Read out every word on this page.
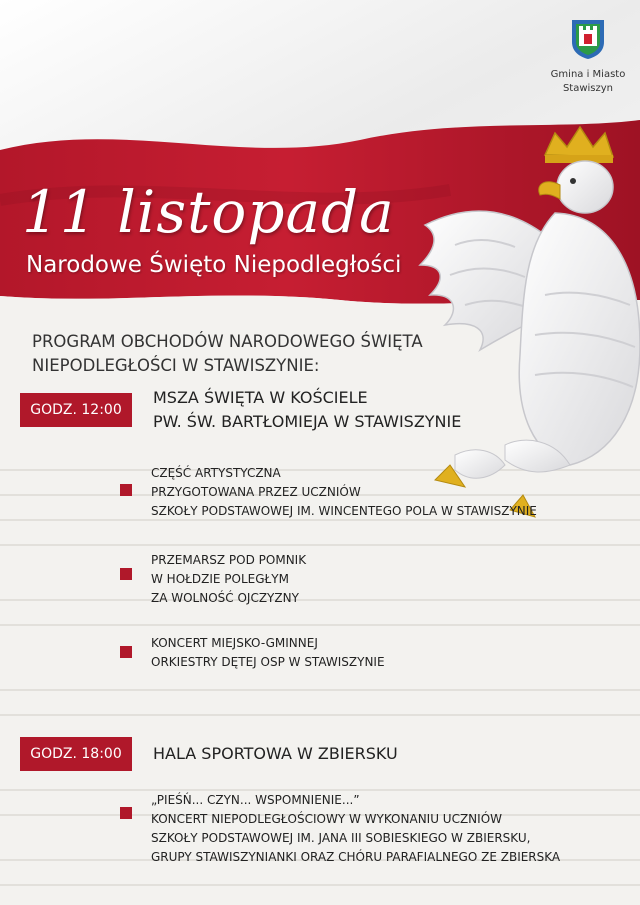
Gmina i Miasto
Stawiszyn
11 listopada
Narodowe Święto Niepodległości
PROGRAM OBCHODÓW NARODOWEGO ŚWIĘTA
NIEPODLEGŁOŚCI W STAWISZYNIE:
GODZ. 12:00
MSZA ŚWIĘTA W KOŚCIELE
PW. ŚW. BARTŁOMIEJA W STAWISZYNIE
CZĘŚĆ ARTYSTYCZNA
PRZYGOTOWANA PRZEZ UCZNIÓW
SZKOŁY PODSTAWOWEJ IM. WINCENTEGO POLA W STAWISZYNIE
PRZEMARSZ POD POMNIK
W HOŁDZIE POLEGŁYM
ZA WOLNOŚĆ OJCZYZNY
KONCERT MIEJSKO-GMINNEJ
ORKIESTRY DĘTEJ OSP W STAWISZYNIE
GODZ. 18:00	HALA SPORTOWA W ZBIERSKU
„PIEŚŃ... CZYN... WSPOMNIENIE...”
KONCERT NIEPODLEGŁOŚCIOWY W WYKONANIU UCZNIÓW
SZKOŁY PODSTAWOWEJ IM. JANA III SOBIESKIEGO W ZBIERSKU,
GRUPY STAWISZYNIANKI ORAZ CHÓRU PARAFIALNEGO ZE ZBIERSKA
